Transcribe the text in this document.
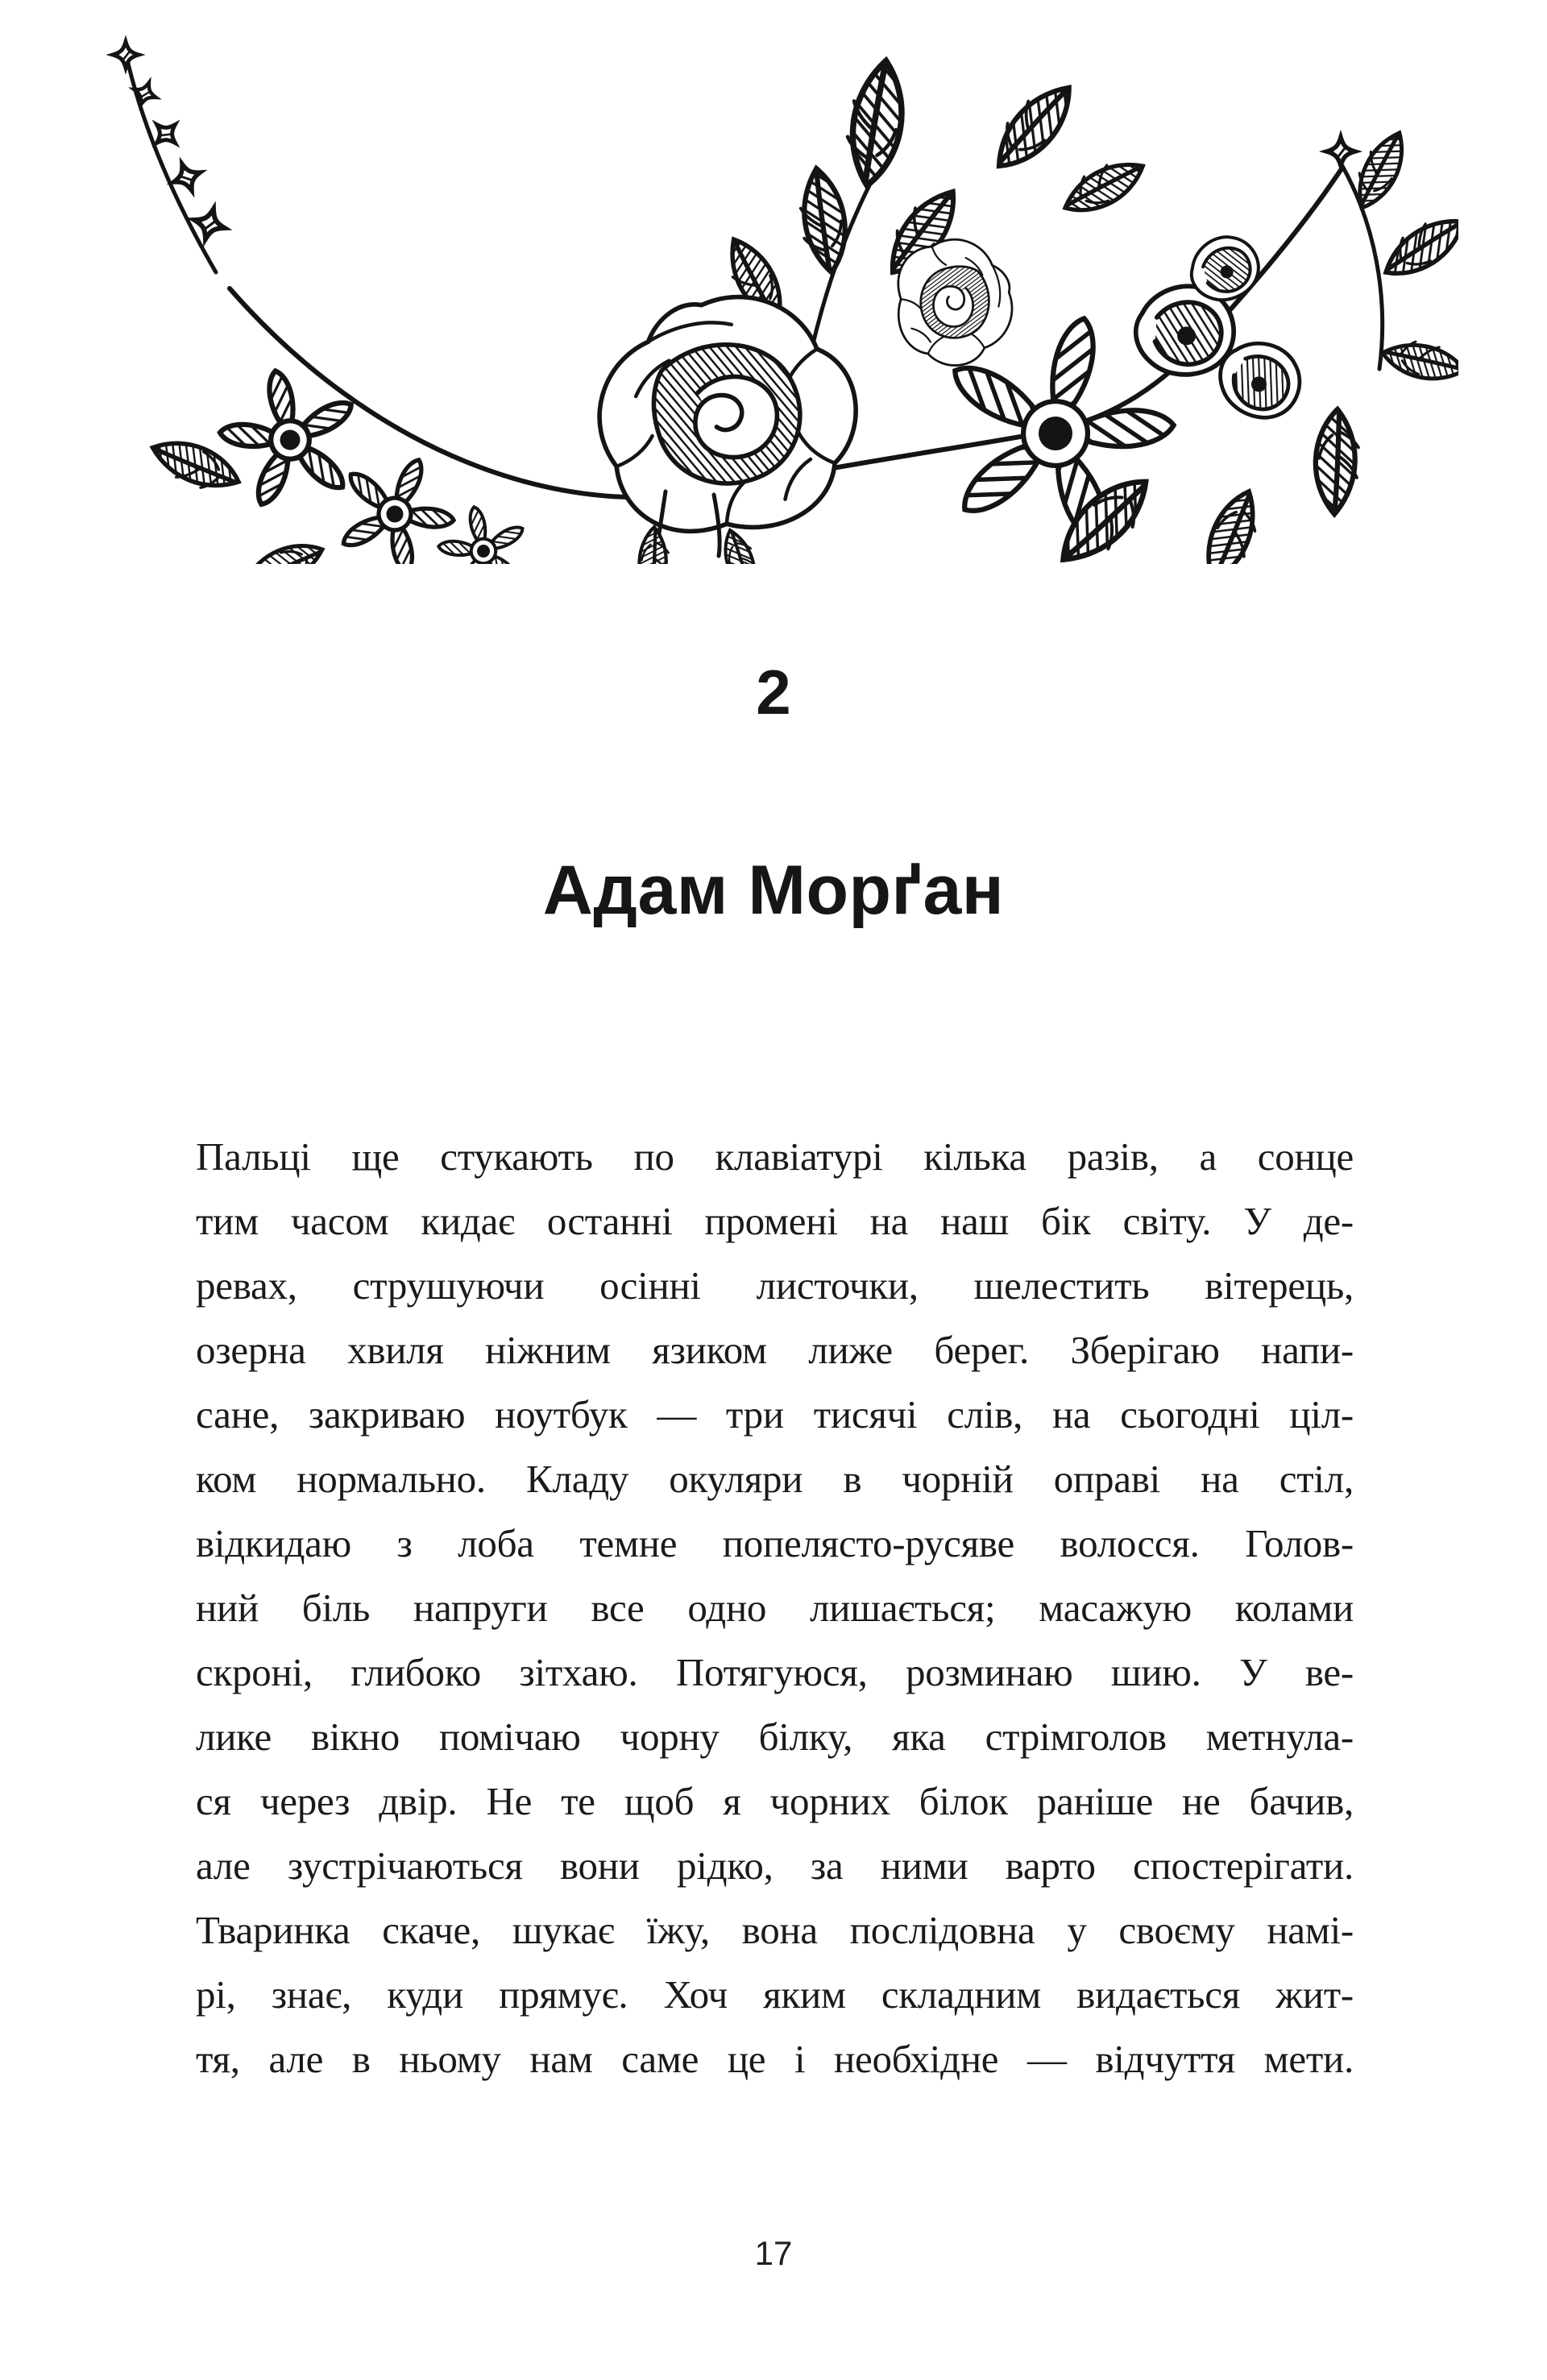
2
Адам Морґан
Пальці ще стукають по клавіатурі кілька разів, а сонце
тим часом кидає останні промені на наш бік світу. У де-
ревах, струшуючи осінні листочки, шелестить вітерець,
озерна хвиля ніжним язиком лиже берег. Зберігаю напи-
сане, закриваю ноутбук — три тисячі слів, на сьогодні ціл-
ком нормально. Кладу окуляри в чорній оправі на стіл,
відкидаю з лоба темне попелясто-русяве волосся. Голов-
ний біль напруги все одно лишається; масажую колами
скроні, глибоко зітхаю. Потягуюся, розминаю шию. У ве-
лике вікно помічаю чорну білку, яка стрімголов метнула-
ся через двір. Не те щоб я чорних білок раніше не бачив,
але зустрічаються вони рідко, за ними варто спостерігати.
Тваринка скаче, шукає їжу, вона послідовна у своєму намі-
рі, знає, куди прямує. Хоч яким складним видається жит-
тя, але в ньому нам саме це і необхідне — відчуття мети.
17
